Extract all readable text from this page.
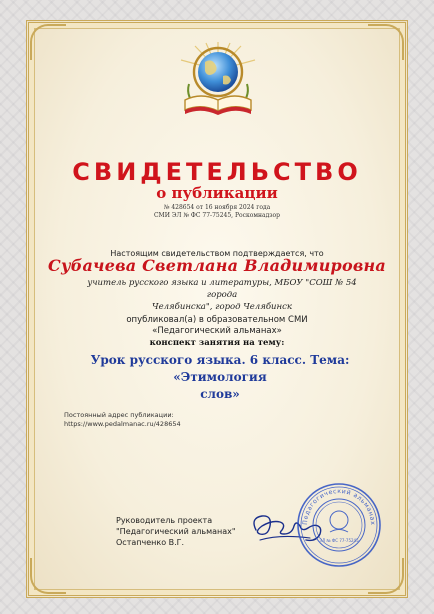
СВИДЕТЕЛЬСТВО
о публикации
№ 428654 от 16 ноября 2024 года
СМИ ЭЛ № ФС 77-75245, Роскомнадзор
Настоящим свидетельством подтверждается, что
Субачева Светлана Владимировна
учитель русского языка и литературы, МБОУ "СОШ № 54 города
Челябинска", город Челябинск
опубликовал(а) в образовательном СМИ
«Педагогический альманах»
конспект занятия на тему:
Урок русского языка. 6 класс. Тема: «Этимология
слов»
Постоянный адрес публикации:
https://www.pedalmanac.ru/428654
Руководитель проекта
"Педагогический альманах"
Остапченко В.Г.
Педагогический альманах
ЭЛ № ФС 77-75245
